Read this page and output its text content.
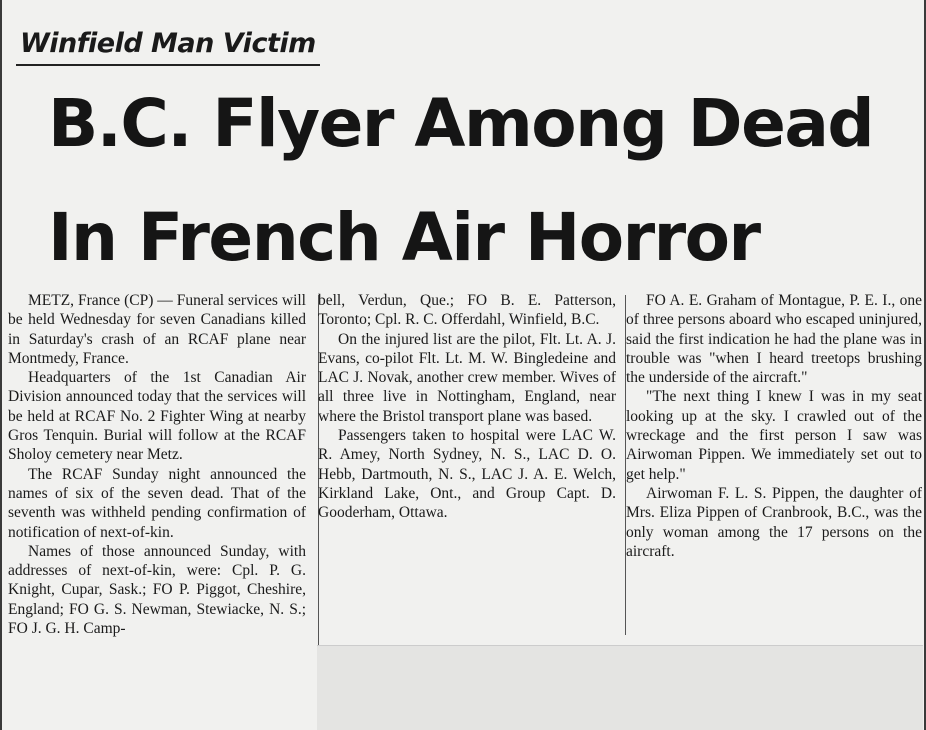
Winfield Man Victim
B.C. Flyer Among Dead
In French Air Horror

METZ, France (CP) — Funeral services will be held Wednesday for seven Canadians killed in Saturday's crash of an RCAF plane near Montmedy, France.

Headquarters of the 1st Canadian Air Division announced today that the services will be held at RCAF No. 2 Fighter Wing at nearby Gros Tenquin. Burial will follow at the RCAF Sholoy cemetery near Metz.

The RCAF Sunday night announced the names of six of the seven dead. That of the seventh was withheld pending confirmation of notification of next-of-kin.

Names of those announced Sunday, with addresses of next-of-kin, were: Cpl. P. G. Knight, Cupar, Sask.; FO P. Piggot, Cheshire, England; FO G. S. Newman, Stewiacke, N. S.; FO J. G. H. Camp-

bell, Verdun, Que.; FO B. E. Patterson, Toronto; Cpl. R. C. Offerdahl, Winfield, B.C.

On the injured list are the pilot, Flt. Lt. A. J. Evans, co-pilot Flt. Lt. M. W. Bingledeine and LAC J. Novak, another crew member. Wives of all three live in Nottingham, England, near where the Bristol transport plane was based.

Passengers taken to hospital were LAC W. R. Amey, North Sydney, N. S., LAC D. O. Hebb, Dartmouth, N. S., LAC J. A. E. Welch, Kirkland Lake, Ont., and Group Capt. D. Gooderham, Ottawa.

FO A. E. Graham of Montague, P. E. I., one of three persons aboard who escaped uninjured, said the first indication he had the plane was in trouble was "when I heard treetops brushing the underside of the aircraft."

"The next thing I knew I was in my seat looking up at the sky. I crawled out of the wreckage and the first person I saw was Airwoman Pippen. We immediately set out to get help."

Airwoman F. L. S. Pippen, the daughter of Mrs. Eliza Pippen of Cranbrook, B.C., was the only woman among the 17 persons on the aircraft.
